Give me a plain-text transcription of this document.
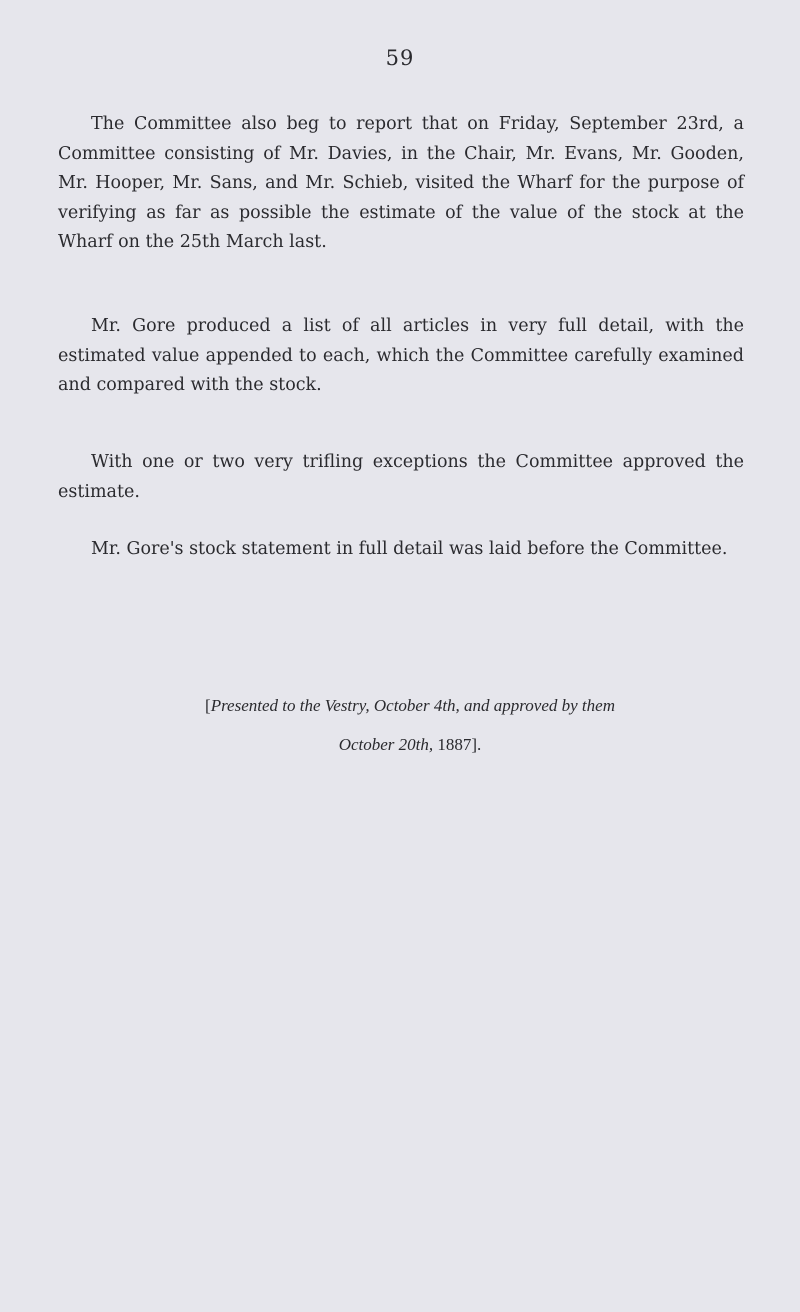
59

The Committee also beg to report that on Friday, September 23rd, a Committee consisting of Mr. Davies, in the Chair, Mr. Evans, Mr. Gooden, Mr. Hooper, Mr. Sans, and Mr. Schieb, visited the Wharf for the purpose of verifying as far as possible the estimate of the value of the stock at the Wharf on the 25th March last.

Mr. Gore produced a list of all articles in very full detail, with the estimated value appended to each, which the Committee carefully examined and compared with the stock.

With one or two very trifling exceptions the Committee approved the estimate.

Mr. Gore's stock statement in full detail was laid before the Committee.

[Presented to the Vestry, October 4th, and approved by them
October 20th, 1887].
